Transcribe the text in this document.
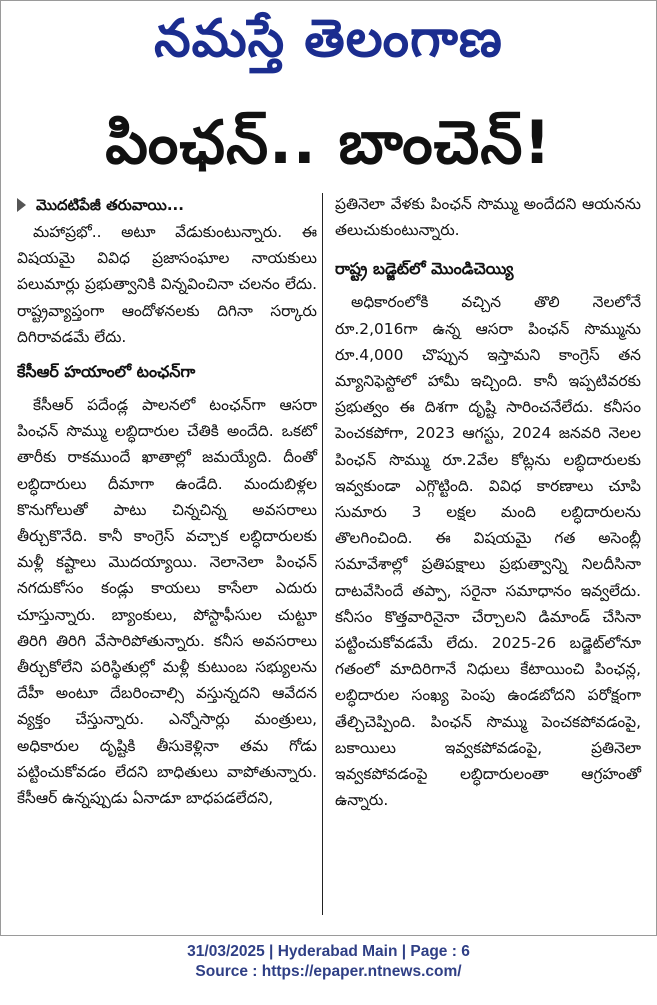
నమస్తే తెలంగాణ
పింఛన్.. బాంచెన్!
మొదటిపేజీ తరువాయి...

మహాప్రభో.. అటూ వేడుకుంటున్నారు. ఈ విషయమై వివిధ ప్రజాసంఘాల నాయకులు పలుమార్లు ప్రభుత్వానికి విన్నవించినా చలనం లేదు. రాష్ట్రవ్యాప్తంగా ఆందోళనలకు దిగినా సర్కారు దిగిరావడమే లేదు.

కేసీఆర్ హయాంలో టంఛన్‌గా

కేసీఆర్ పదేండ్ల పాలనలో టంఛన్‌గా ఆసరా పింఛన్ సొమ్ము లబ్ధిదారుల చేతికి అందేది. ఒకటో తారీకు రాకముందే ఖాతాల్లో జమయ్యేది. దీంతో లబ్ధిదారులు దీమాగా ఉండేది. మందుబిళ్లల కొనుగోలుతో పాటు చిన్నచిన్న అవసరాలు తీర్చుకొనేది. కానీ కాంగ్రెస్ వచ్చాక లబ్ధిదారులకు మళ్లీ కష్టాలు మొదయ్యాయి. నెలానెలా పింఛన్ నగదుకోసం కండ్లు కాయలు కాసేలా ఎదురు చూస్తున్నారు. బ్యాంకులు, పోస్టాఫీసుల చుట్టూ తిరిగి తిరిగి వేసారిపోతున్నారు. కనీస అవసరాలు తీర్చుకోలేని పరిస్థితుల్లో మళ్లీ కుటుంబ సభ్యులను దేహీ అంటూ దేబరించాల్సి వస్తున్నదని ఆవేదన వ్యక్తం చేస్తున్నారు. ఎన్నోసార్లు మంత్రులు, అధికారుల దృష్టికి తీసుకెళ్లినా తమ గోడు పట్టించుకోవడం లేదని బాధితులు వాపోతున్నారు. కేసీఆర్ ఉన్నప్పుడు ఏనాడూ బాధపడలేదని,

ప్రతినెలా వేళకు పింఛన్ సొమ్ము అందేదని ఆయనను తలుచుకుంటున్నారు.

రాష్ట్ర బడ్జెట్‌లో మొండిచెయ్యి

అధికారంలోకి వచ్చిన తొలి నెలలోనే రూ.2,016గా ఉన్న ఆసరా పింఛన్ సొమ్మును రూ.4,000 చొప్పున ఇస్తామని కాంగ్రెస్ తన మ్యానిఫెస్టోలో హామీ ఇచ్చింది. కానీ ఇప్పటివరకు ప్రభుత్వం ఈ దిశగా దృష్టి సారించనేలేదు. కనీసం పెంచకపోగా, 2023 ఆగస్టు, 2024 జనవరి నెలల పింఛన్ సొమ్ము రూ.2వేల కోట్లను లబ్ధిదారులకు ఇవ్వకుండా ఎగ్గొట్టింది. వివిధ కారణాలు చూపి సుమారు 3 లక్షల మంది లబ్ధిదారులను తొలగించింది. ఈ విషయమై గత అసెంబ్లీ సమావేశాల్లో ప్రతిపక్షాలు ప్రభుత్వాన్ని నిలదీసినా దాటవేసిందే తప్పా, సరైనా సమాధానం ఇవ్వలేదు. కనీసం కొత్తవారినైనా చేర్చాలని డిమాండ్ చేసినా పట్టించుకోవడమే లేదు. 2025-26 బడ్జెట్‌లోనూ గతంలో మాదిరిగానే నిధులు కేటాయించి పింఛన్ల, లబ్ధిదారుల సంఖ్య పెంపు ఉండబోదని పరోక్షంగా తేల్చిచెప్పింది. పింఛన్ సొమ్ము పెంచకపోవడంపై, బకాయిలు ఇవ్వకపోవడంపై, ప్రతినెలా ఇవ్వకపోవడంపై లబ్ధిదారులంతా ఆగ్రహంతో ఉన్నారు.

31/03/2025 | Hyderabad Main | Page : 6
Source : https://epaper.ntnews.com/
